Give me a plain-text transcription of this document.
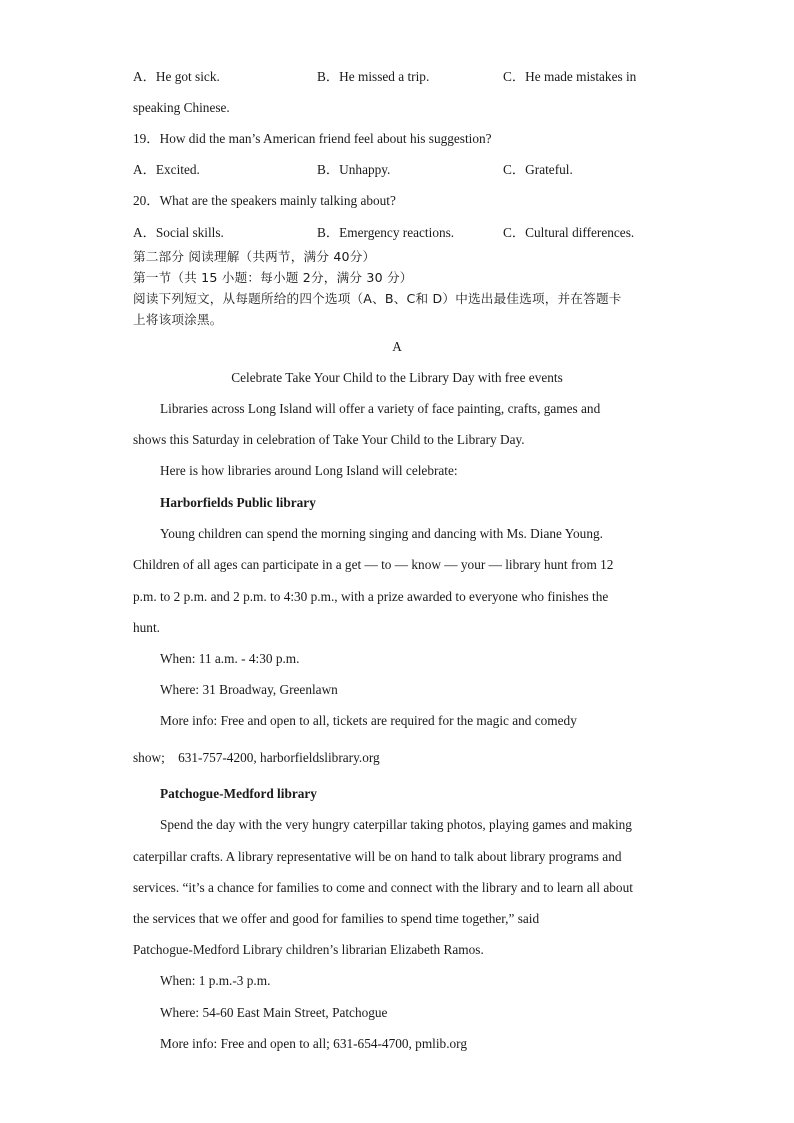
A．He got sick.	B．He missed a trip.	C．He made mistakes in
speaking Chinese.
19．How did the man’s American friend feel about his suggestion?
A．Excited.	B．Unhappy.	C．Grateful.
20．What are the speakers mainly talking about?
A．Social skills.	B．Emergency reactions.	C．Cultural differences.
第二部分 阅读理解（共两节，满分 40分）
第一节（共 15 小题：每小题 2分，满分 30 分）
阅读下列短文，从每题所给的四个选项（A、B、C和 D）中选出最佳选项，并在答题卡
上将该项涂黑。
A
Celebrate Take Your Child to the Library Day with free events
Libraries across Long Island will offer a variety of face painting, crafts, games and
shows this Saturday in celebration of Take Your Child to the Library Day.
Here is how libraries around Long Island will celebrate:
Harborfields Public library
Young children can spend the morning singing and dancing with Ms. Diane Young.
Children of all ages can participate in a get — to — know — your — library hunt from 12
p.m. to 2 p.m. and 2 p.m. to 4:30 p.m., with a prize awarded to everyone who finishes the
hunt.
When: 11 a.m. - 4:30 p.m.
Where: 31 Broadway, Greenlawn
More info: Free and open to all, tickets are required for the magic and comedy
show;    631-757-4200, harborfieldslibrary.org
Patchogue-Medford library
Spend the day with the very hungry caterpillar taking photos, playing games and making
caterpillar crafts. A library representative will be on hand to talk about library programs and
services. “it’s a chance for families to come and connect with the library and to learn all about
the services that we offer and good for families to spend time together,” said
Patchogue-Medford Library children’s librarian Elizabeth Ramos.
When: 1 p.m.-3 p.m.
Where: 54-60 East Main Street, Patchogue
More info: Free and open to all; 631-654-4700, pmlib.org
